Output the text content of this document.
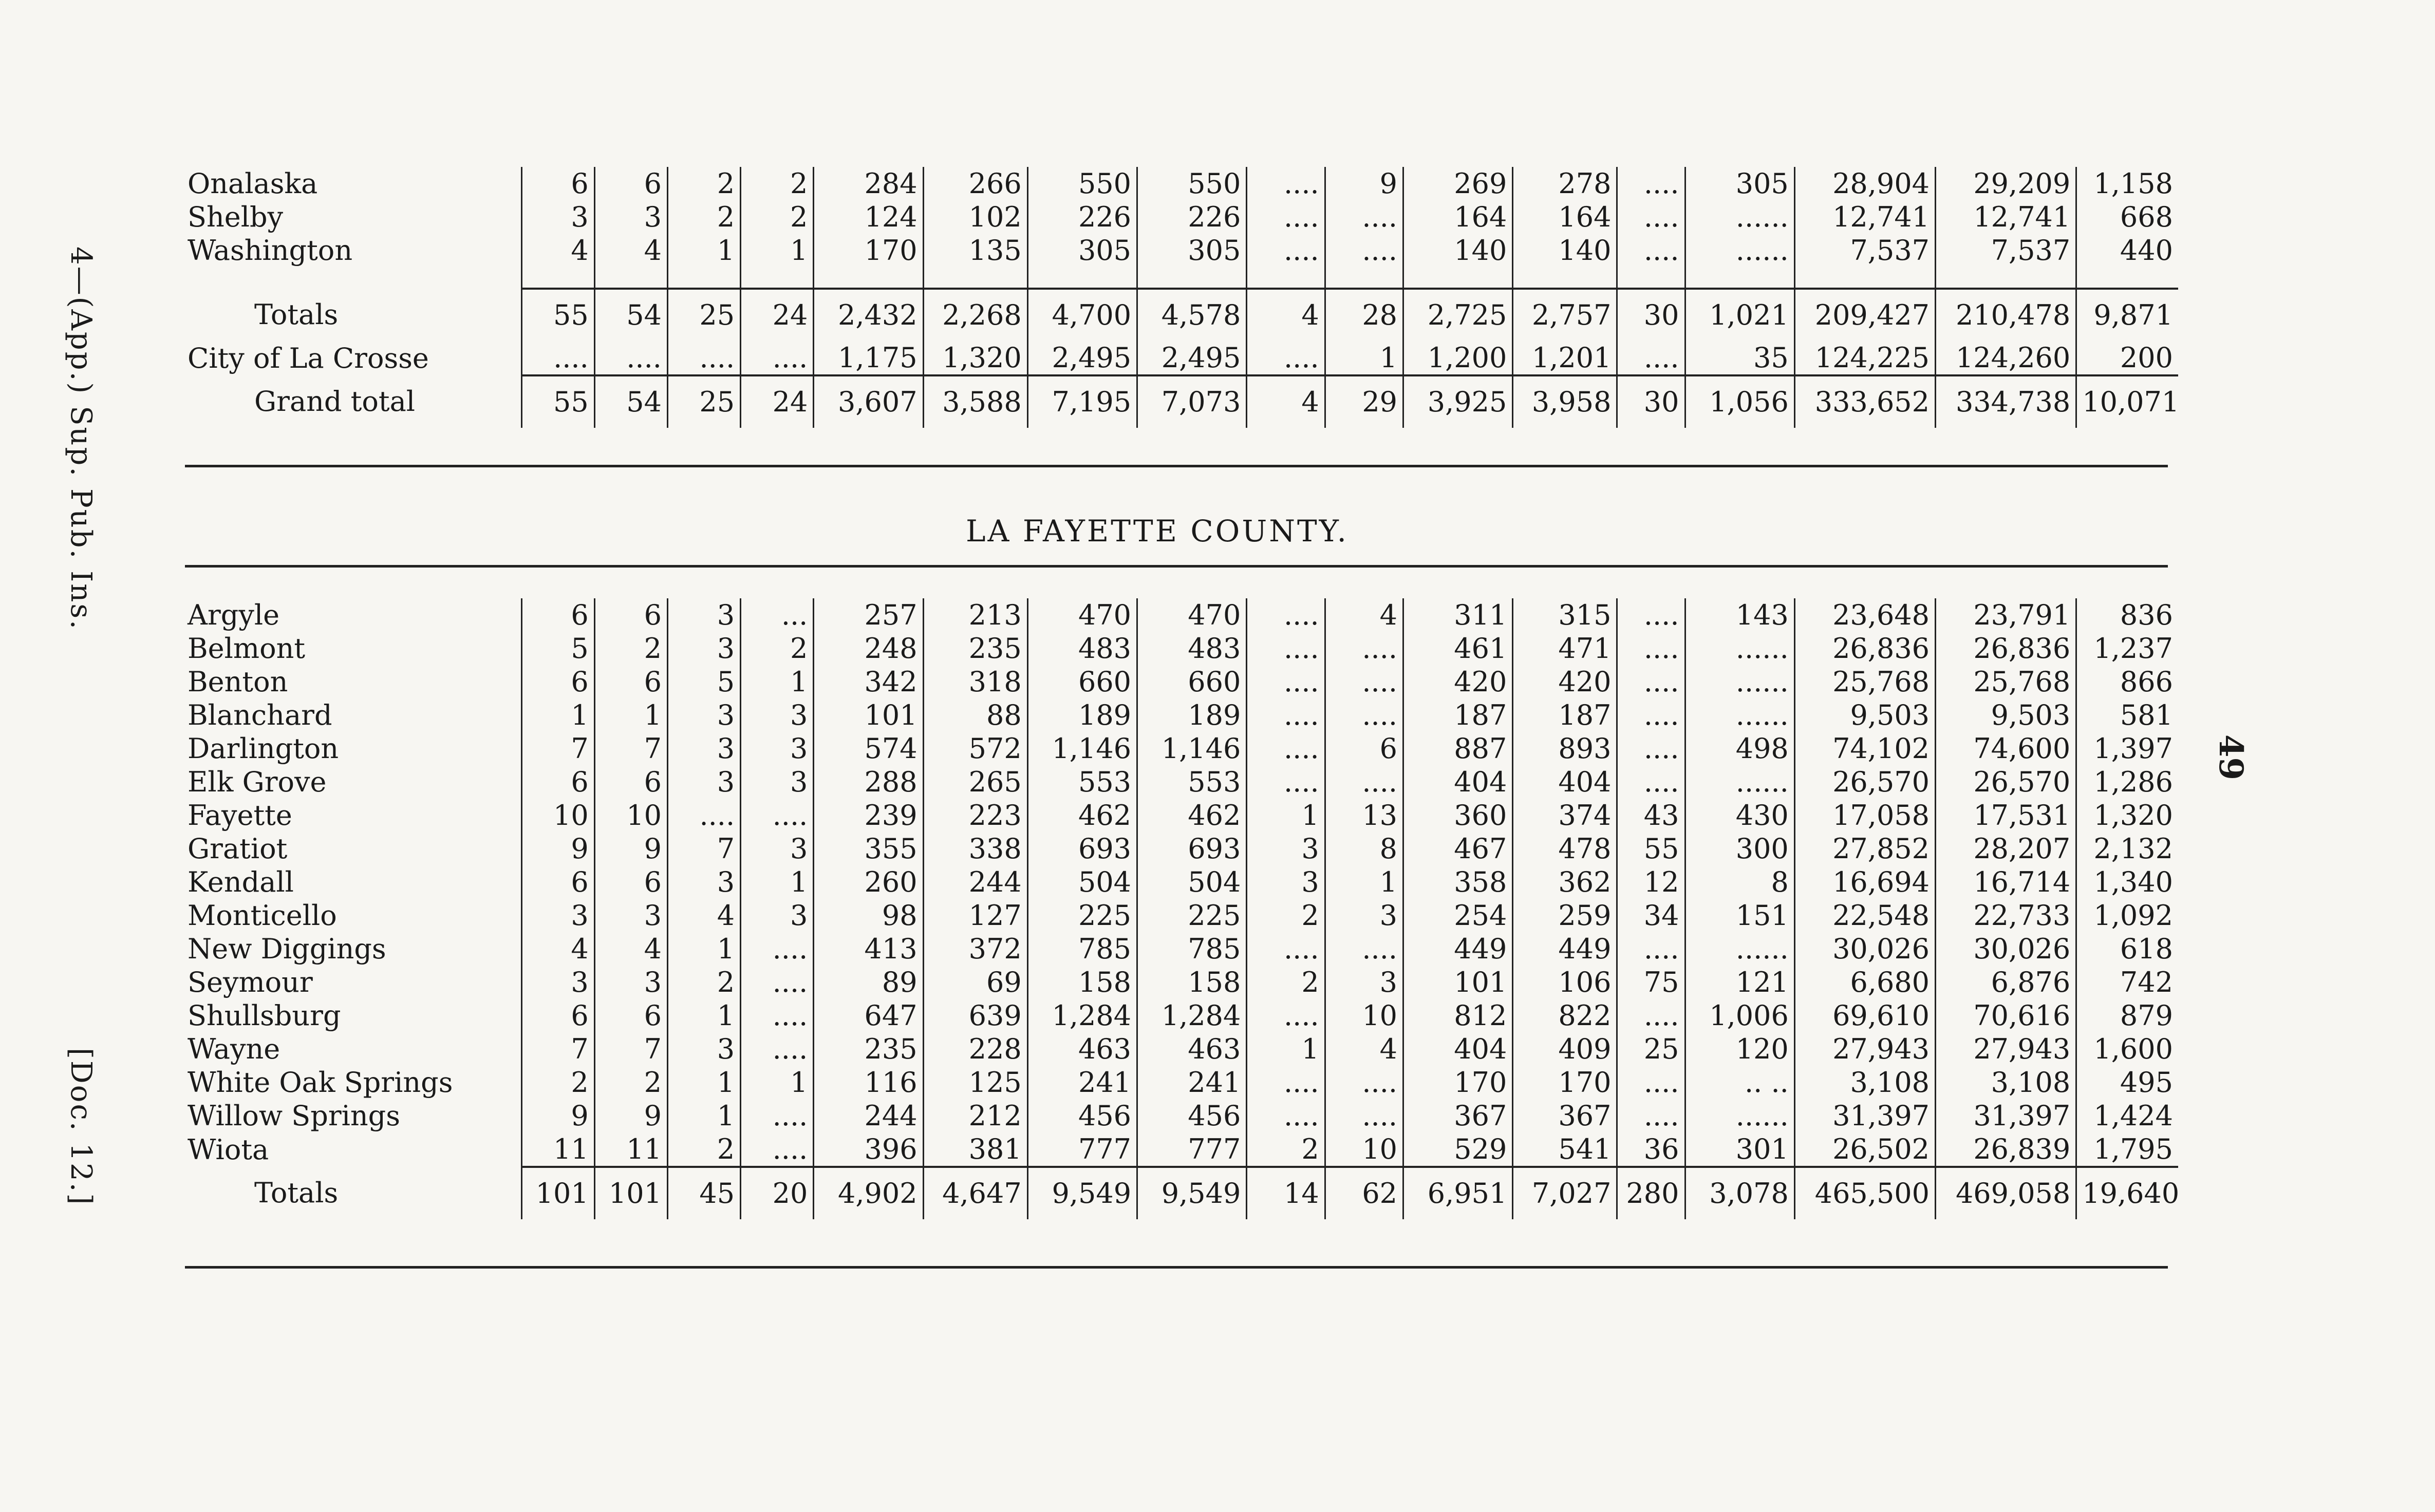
4—(App.) Sup. Pub. Ins.
[Doc. 12.]
49
LA FAYETTE COUNTY.
Onalaska	6	6	2	2	284	266	550	550	....	9	269	278	....	305	28,904	29,209	1,158
Shelby	3	3	2	2	124	102	226	226	....	....	164	164	....	......	12,741	12,741	668
Washington	4	4	1	1	170	135	305	305	....	....	140	140	....	......	7,537	7,537	440

Totals	55	54	25	24	2,432	2,268	4,700	4,578	4	28	2,725	2,757	30	1,021	209,427	210,478	9,871
City of La Crosse	....	....	....	....	1,175	1,320	2,495	2,495	....	1	1,200	1,201	....	35	124,225	124,260	200
Grand total	55	54	25	24	3,607	3,588	7,195	7,073	4	29	3,925	3,958	30	1,056	333,652	334,738	10,071
Argyle	6	6	3	...	257	213	470	470	....	4	311	315	....	143	23,648	23,791	836
Belmont	5	2	3	2	248	235	483	483	....	....	461	471	....	......	26,836	26,836	1,237
Benton	6	6	5	1	342	318	660	660	....	....	420	420	....	......	25,768	25,768	866
Blanchard	1	1	3	3	101	88	189	189	....	....	187	187	....	......	9,503	9,503	581
Darlington	7	7	3	3	574	572	1,146	1,146	....	6	887	893	....	498	74,102	74,600	1,397
Elk Grove	6	6	3	3	288	265	553	553	....	....	404	404	....	......	26,570	26,570	1,286
Fayette	10	10	....	....	239	223	462	462	1	13	360	374	43	430	17,058	17,531	1,320
Gratiot	9	9	7	3	355	338	693	693	3	8	467	478	55	300	27,852	28,207	2,132
Kendall	6	6	3	1	260	244	504	504	3	1	358	362	12	8	16,694	16,714	1,340
Monticello	3	3	4	3	98	127	225	225	2	3	254	259	34	151	22,548	22,733	1,092
New Diggings	4	4	1	....	413	372	785	785	....	....	449	449	....	......	30,026	30,026	618
Seymour	3	3	2	....	89	69	158	158	2	3	101	106	75	121	6,680	6,876	742
Shullsburg	6	6	1	....	647	639	1,284	1,284	....	10	812	822	....	1,006	69,610	70,616	879
Wayne	7	7	3	....	235	228	463	463	1	4	404	409	25	120	27,943	27,943	1,600
White Oak Springs	2	2	1	1	116	125	241	241	....	....	170	170	....	.. ..	3,108	3,108	495
Willow Springs	9	9	1	....	244	212	456	456	....	....	367	367	....	......	31,397	31,397	1,424
Wiota	11	11	2	....	396	381	777	777	2	10	529	541	36	301	26,502	26,839	1,795
Totals	101	101	45	20	4,902	4,647	9,549	9,549	14	62	6,951	7,027	280	3,078	465,500	469,058	19,640
